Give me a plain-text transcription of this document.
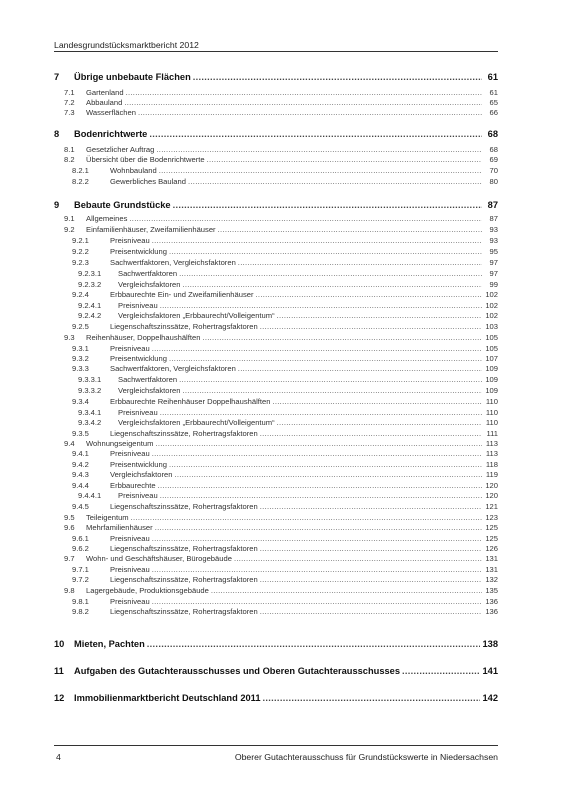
Landesgrundstücksmarktbericht 2012
7	Übrige unbebaute Flächen .....	61
7.1	Gartenland .....	61
7.2	Abbauland .....	65
7.3	Wasserflächen .....	66
8	Bodenrichtwerte .....	68
8.1	Gesetzlicher Auftrag .....	68
8.2	Übersicht über die Bodenrichtwerte .....	69
8.2.1	Wohnbauland .....	70
8.2.2	Gewerbliches Bauland .....	80
9	Bebaute Grundstücke .....	87
9.1	Allgemeines .....	87
9.2	Einfamilienhäuser, Zweifamilienhäuser .....	93
9.2.1	Preisniveau .....	93
9.2.2	Preisentwicklung .....	95
9.2.3	Sachwertfaktoren, Vergleichsfaktoren .....	97
9.2.3.1	Sachwertfaktoren .....	97
9.2.3.2	Vergleichsfaktoren .....	99
9.2.4	Erbbaurechte Ein- und Zweifamilienhäuser .....	102
9.2.4.1	Preisniveau .....	102
9.2.4.2	Vergleichsfaktoren „Erbbaurecht/Volleigentum“ .....	102
9.2.5	Liegenschaftszinssätze, Rohertragsfaktoren .....	103
9.3	Reihenhäuser, Doppelhaushälften .....	105
9.3.1	Preisniveau .....	105
9.3.2	Preisentwicklung .....	107
9.3.3	Sachwertfaktoren, Vergleichsfaktoren .....	109
9.3.3.1	Sachwertfaktoren .....	109
9.3.3.2	Vergleichsfaktoren .....	109
9.3.4	Erbbaurechte Reihenhäuser Doppelhaushälften .....	110
9.3.4.1	Preisniveau .....	110
9.3.4.2	Vergleichsfaktoren „Erbbaurecht/Volleigentum“ .....	110
9.3.5	Liegenschaftszinssätze, Rohertragsfaktoren .....	111
9.4	Wohnungseigentum .....	113
9.4.1	Preisniveau .....	113
9.4.2	Preisentwicklung .....	118
9.4.3	Vergleichsfaktoren .....	119
9.4.4	Erbbaurechte .....	120
9.4.4.1	Preisniveau .....	120
9.4.5	Liegenschaftszinssätze, Rohertragsfaktoren .....	121
9.5	Teileigentum .....	123
9.6	Mehrfamilienhäuser .....	125
9.6.1	Preisniveau .....	125
9.6.2	Liegenschaftszinssätze, Rohertragsfaktoren .....	126
9.7	Wohn- und Geschäftshäuser, Bürogebäude .....	131
9.7.1	Preisniveau .....	131
9.7.2	Liegenschaftszinssätze, Rohertragsfaktoren .....	132
9.8	Lagergebäude, Produktionsgebäude .....	135
9.8.1	Preisniveau .....	136
9.8.2	Liegenschaftszinssätze, Rohertragsfaktoren .....	136
10	Mieten, Pachten .....	138
11	Aufgaben des Gutachterausschusses und Oberen Gutachterausschusses .....	141
12	Immobilienmarktbericht Deutschland 2011 .....	142
4	Oberer Gutachterausschuss für Grundstückswerte in Niedersachsen
